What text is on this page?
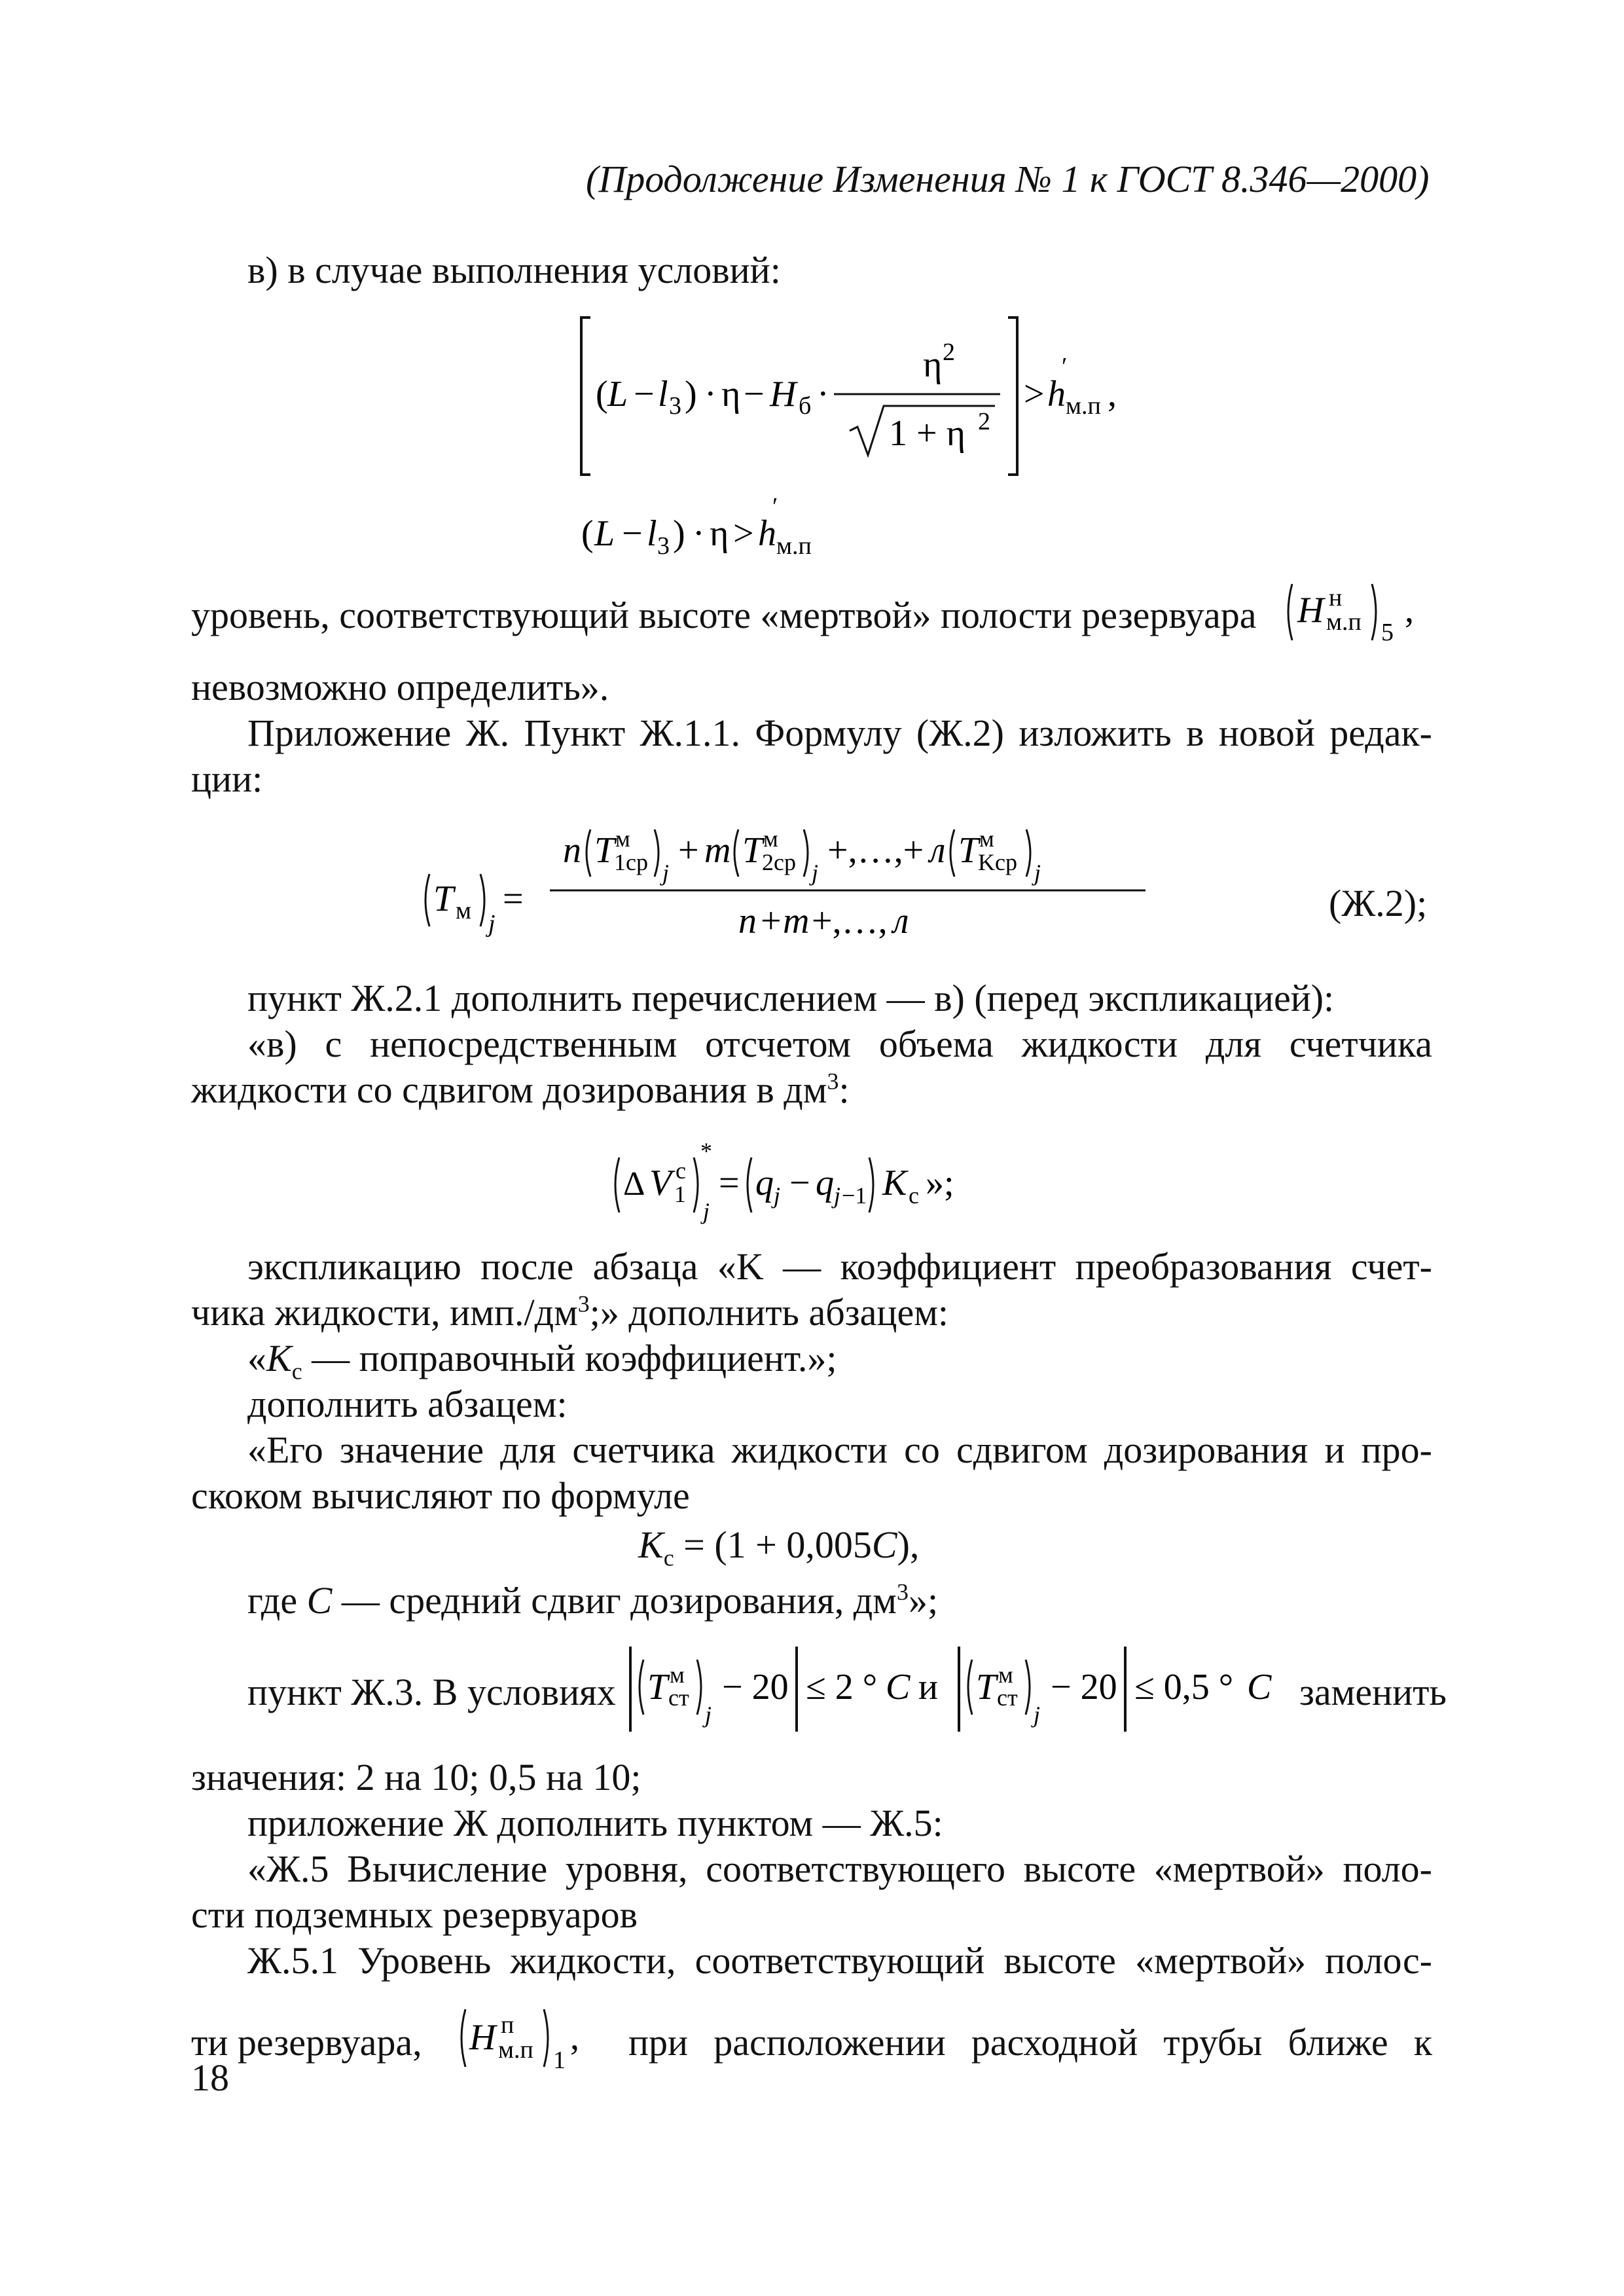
(Продолжение Изменения № 1 к ГОСТ 8.346—2000)
в) в случае выполнения условий:
( L − l 3 ) · η − H б ·
η 2
1 + η 2
> h
′
м.п ,
( L − l 3 ) · η > h
′
м.п
уровень, соответствующий высоте «мертвой» полости резервуара H н
м.п 5
,
невозможно определить».
Приложение Ж. Пункт Ж.1.1. Формулу (Ж.2) изложить в новой редак-
ции:
T м j
=
n T м
1ср j
+ m T м
2ср j
+,…,+ л T м
Kср j
n + m +,…, л	(Ж.2);
пункт Ж.2.1 дополнить перечислением — в) (перед экспликацией):
«в) с непосредственным отсчетом объема жидкости для счетчика
жидкости со сдвигом дозирования в $дм^3$:
Δ V с
1
*
j
= q j − q j −1 K с »;
экспликацию после абзаца «K — коэффициент преобразования счет-
чика жидкости, $имп./дм^3$;» дополнить абзацем:
«$K_с$ — поправочный коэффициент.»;
дополнить абзацем:
«Его значение для счетчика жидкости со сдвигом дозирования и про-
скоком вычисляют по формуле
$K_с = (1 + 0,005C)$,
где C — средний сдвиг дозирования, $дм^3$»;
пункт Ж.3. В условиях T м
ст
j
− 20 ≤ 2 ° C и T м
ст
j
− 20 ≤ 0,5 ° C заменить
значения: 2 на 10; 0,5 на 10;
приложение Ж дополнить пунктом — Ж.5:
«Ж.5 Вычисление уровня, соответствующего высоте «мертвой» поло-
сти подземных резервуаров
Ж.5.1 Уровень жидкости, соответствующий высоте «мертвой» полос-
ти резервуара, H п
м.п 1
, при расположении расходной трубы ближе к
18
